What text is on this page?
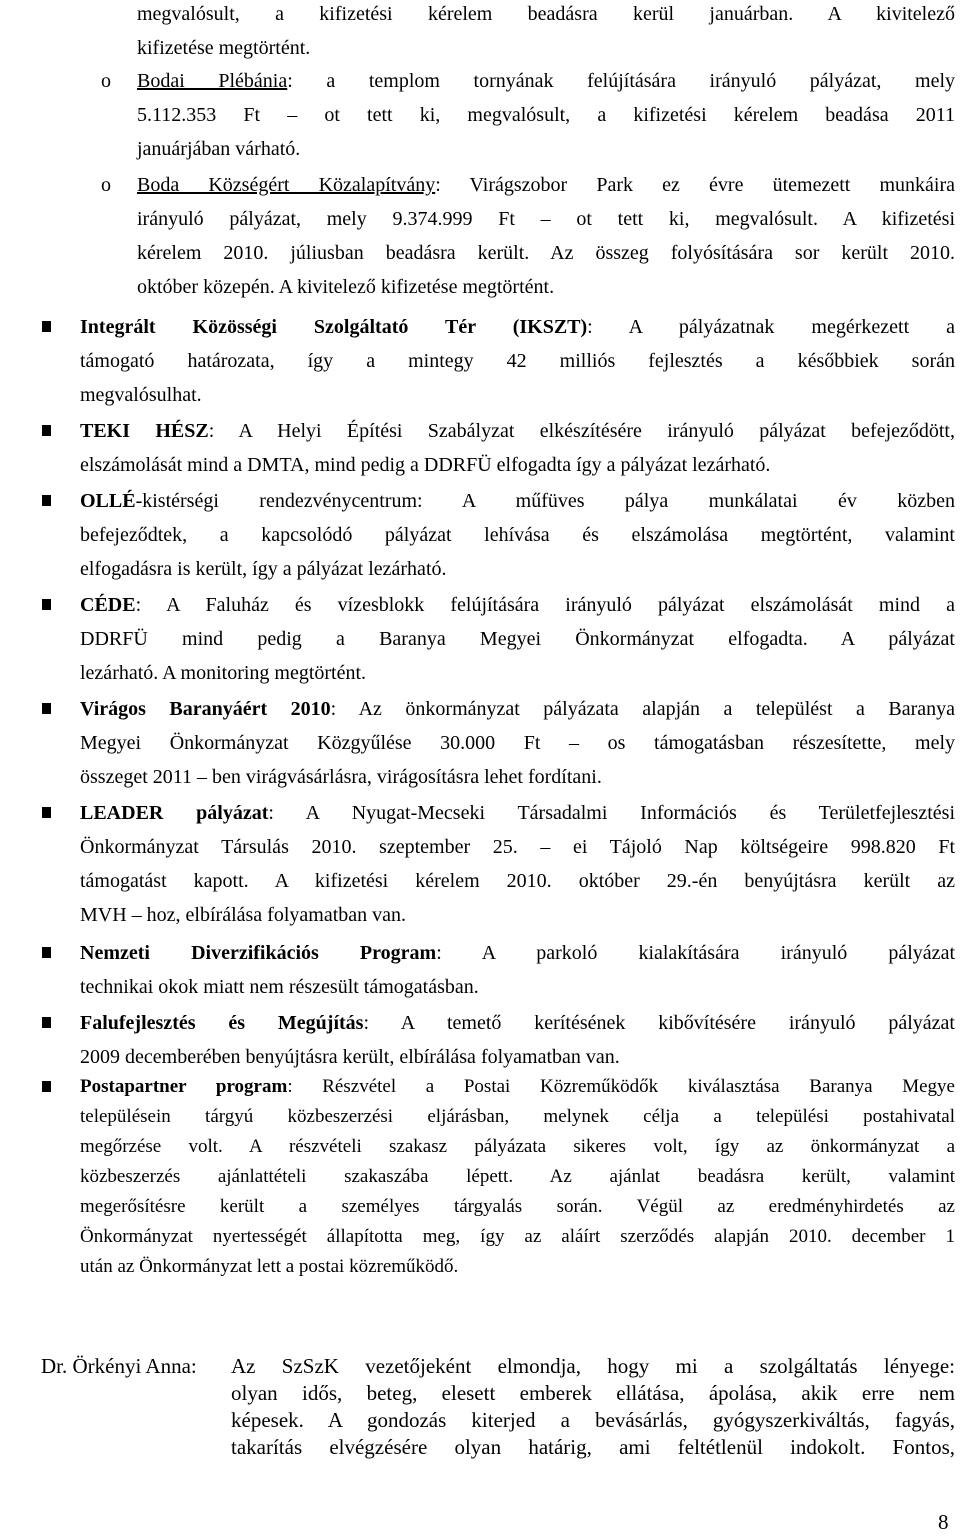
megvalósult, a kifizetési kérelem beadásra kerül januárban. A kivitelező
kifizetése megtörtént.
o Bodai Plébánia: a templom tornyának felújítására irányuló pályázat, mely
5.112.353 Ft – ot tett ki, megvalósult, a kifizetési kérelem beadása 2011
januárjában várható.
o Boda Községért Közalapítvány: Virágszobor Park ez évre ütemezett munkáira
irányuló pályázat, mely 9.374.999 Ft – ot tett ki, megvalósult. A kifizetési
kérelem 2010. júliusban beadásra került. Az összeg folyósítására sor került 2010.
október közepén. A kivitelező kifizetése megtörtént.
Integrált Közösségi Szolgáltató Tér (IKSZT): A pályázatnak megérkezett a
támogató határozata, így a mintegy 42 milliós fejlesztés a későbbiek során
megvalósulhat.
TEKI HÉSZ: A Helyi Építési Szabályzat elkészítésére irányuló pályázat befejeződött,
elszámolását mind a DMTA, mind pedig a DDRFÜ elfogadta így a pályázat lezárható.
OLLÉ-kistérségi rendezvénycentrum: A műfüves pálya munkálatai év közben
befejeződtek, a kapcsolódó pályázat lehívása és elszámolása megtörtént, valamint
elfogadásra is került, így a pályázat lezárható.
CÉDE: A Faluház és vízesblokk felújítására irányuló pályázat elszámolását mind a
DDRFÜ mind pedig a Baranya Megyei Önkormányzat elfogadta. A pályázat
lezárható. A monitoring megtörtént.
Virágos Baranyáért 2010: Az önkormányzat pályázata alapján a települést a Baranya
Megyei Önkormányzat Közgyűlése 30.000 Ft – os támogatásban részesítette, mely
összeget 2011 – ben virágvásárlásra, virágosításra lehet fordítani.
LEADER pályázat: A Nyugat-Mecseki Társadalmi Információs és Területfejlesztési
Önkormányzat Társulás 2010. szeptember 25. – ei Tájoló Nap költségeire 998.820 Ft
támogatást kapott. A kifizetési kérelem 2010. október 29.-én benyújtásra került az
MVH – hoz, elbírálása folyamatban van.
Nemzeti Diverzifikációs Program: A parkoló kialakítására irányuló pályázat
technikai okok miatt nem részesült támogatásban.
Falufejlesztés és Megújítás: A temető kerítésének kibővítésére irányuló pályázat
2009 decemberében benyújtásra került, elbírálása folyamatban van.
Postapartner program: Részvétel a Postai Közreműködők kiválasztása Baranya Megye
településein tárgyú közbeszerzési eljárásban, melynek célja a települési postahivatal
megőrzése volt. A részvételi szakasz pályázata sikeres volt, így az önkormányzat a
közbeszerzés ajánlattételi szakaszába lépett. Az ajánlat beadásra került, valamint
megerősítésre került a személyes tárgyalás során. Végül az eredményhirdetés az
Önkormányzat nyertességét állapította meg, így az aláírt szerződés alapján 2010. december 1
után az Önkormányzat lett a postai közreműködő.
Dr. Örkényi Anna: Az SzSzK vezetőjeként elmondja, hogy mi a szolgáltatás lényege:
olyan idős, beteg, elesett emberek ellátása, ápolása, akik erre nem
képesek. A gondozás kiterjed a bevásárlás, gyógyszerkiváltás, fagyás,
takarítás elvégzésére olyan határig, ami feltétlenül indokolt. Fontos,
8
